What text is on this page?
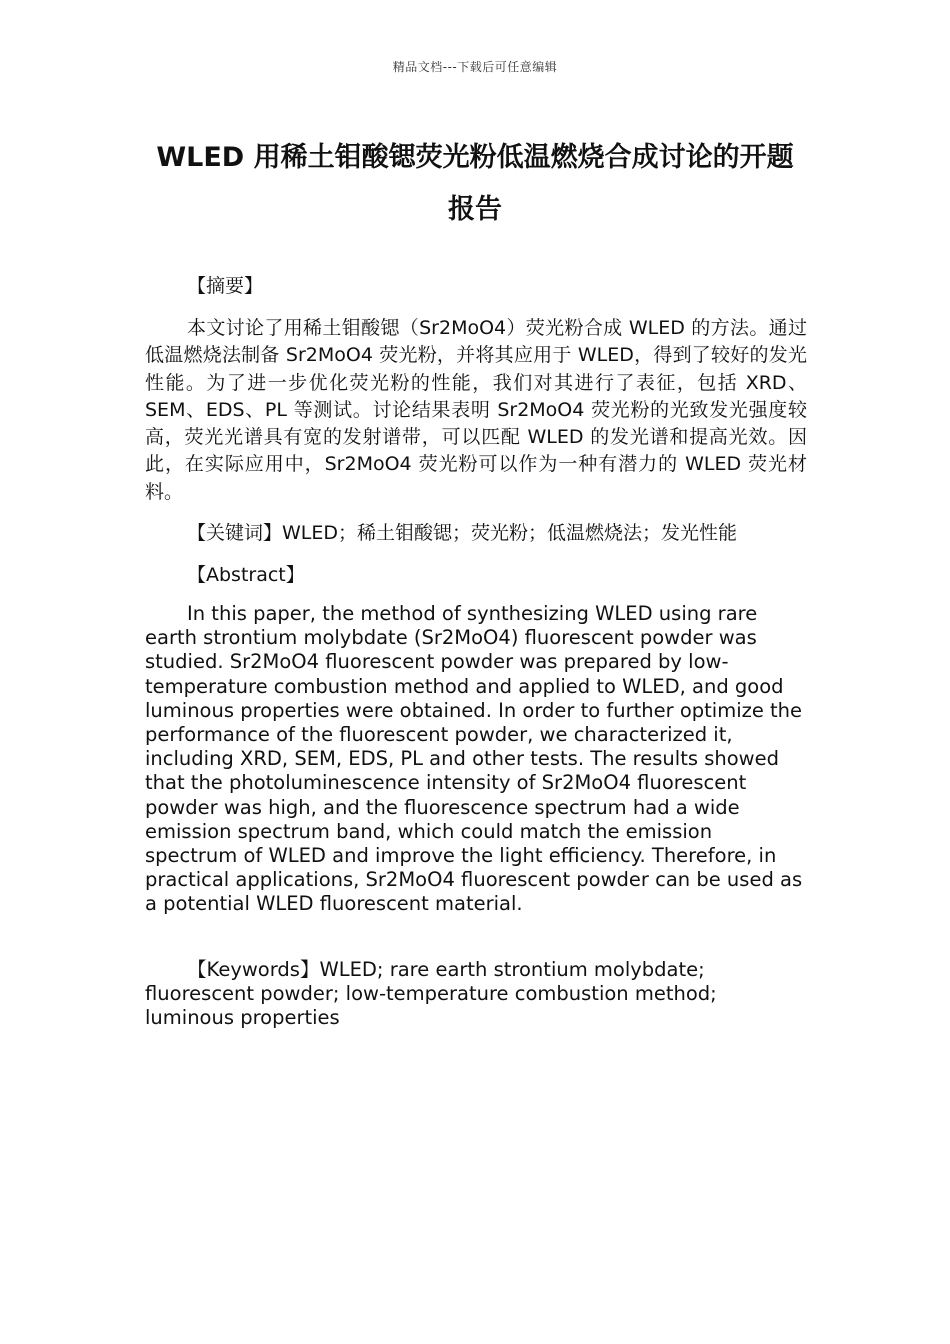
精品文档---下载后可任意编辑
WLED 用稀土钼酸锶荧光粉低温燃烧合成讨论的开题报告

【摘要】

本文讨论了用稀土钼酸锶（Sr2MoO4）荧光粉合成 WLED 的方法。通过低温燃烧法制备 Sr2MoO4 荧光粉，并将其应用于 WLED，得到了较好的发光性能。为了进一步优化荧光粉的性能，我们对其进行了表征，包括 XRD、SEM、EDS、PL 等测试。讨论结果表明 Sr2MoO4 荧光粉的光致发光强度较高，荧光光谱具有宽的发射谱带，可以匹配 WLED 的发光谱和提高光效。因此，在实际应用中，Sr2MoO4 荧光粉可以作为一种有潜力的 WLED 荧光材料。

【关键词】WLED；稀土钼酸锶；荧光粉；低温燃烧法；发光性能

【Abstract】

In this paper, the method of synthesizing WLED using rare earth strontium molybdate (Sr2MoO4) fluorescent powder was studied. Sr2MoO4 fluorescent powder was prepared by low-temperature combustion method and applied to WLED, and good luminous properties were obtained. In order to further optimize the performance of the fluorescent powder, we characterized it, including XRD, SEM, EDS, PL and other tests. The results showed that the photoluminescence intensity of Sr2MoO4 fluorescent powder was high, and the fluorescence spectrum had a wide emission spectrum band, which could match the emission spectrum of WLED and improve the light efficiency. Therefore, in practical applications, Sr2MoO4 fluorescent powder can be used as a potential WLED fluorescent material.

【Keywords】WLED; rare earth strontium molybdate; fluorescent powder; low-temperature combustion method; luminous properties
